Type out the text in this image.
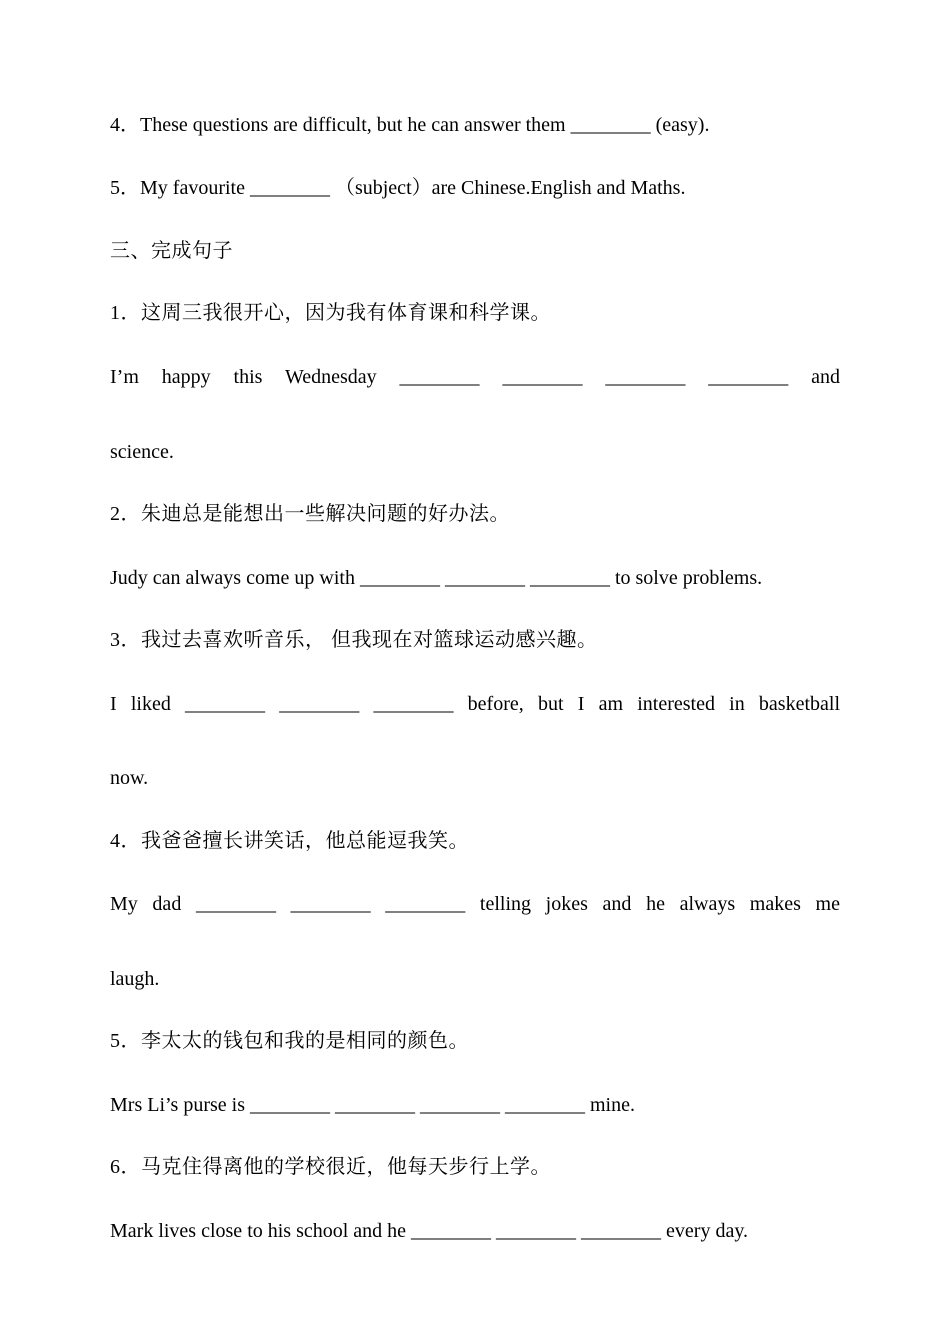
4．These questions are difficult, but he can answer them ________ (easy).

5．My favourite ________ （subject）are Chinese.English and Maths.

三、完成句子

1．这周三我很开心，因为我有体育课和科学课。

I’m happy this Wednesday ________ ________ ________ ________ and

science.

2．朱迪总是能想出一些解决问题的好办法。

Judy can always come up with ________ ________ ________ to solve problems.

3．我过去喜欢听音乐， 但我现在对篮球运动感兴趣。

I liked ________ ________ ________ before, but I am interested in basketball

now.

4．我爸爸擅长讲笑话，他总能逗我笑。

My dad ________ ________ ________ telling jokes and he always makes me

laugh.

5．李太太的钱包和我的是相同的颜色。

Mrs Li’s purse is ________ ________ ________ ________ mine.

6．马克住得离他的学校很近，他每天步行上学。

Mark lives close to his school and he ________ ________ ________ every day.
